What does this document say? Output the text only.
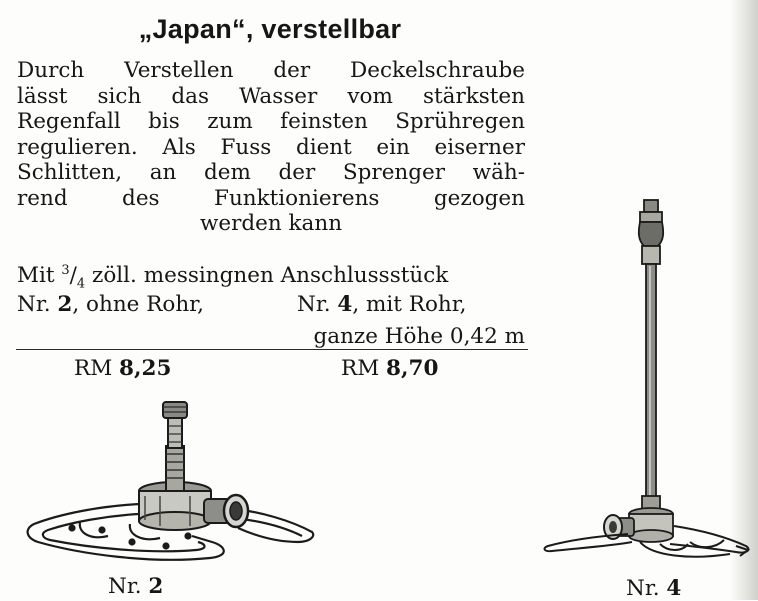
„Japan“, verstellbar
Durch Verstellen der Deckelschraube
lässt sich das Wasser vom stärksten
Regenfall bis zum feinsten Sprühregen
regulieren. Als Fuss dient ein eiserner
Schlitten, an dem der Sprenger wäh-
rend des Funktionierens gezogen
werden kann
Mit $^3/_4$ zöll. messingnen Anschlussstück
Nr. 2, ohne Rohr,	Nr. 4, mit Rohr,
ganze Höhe 0,42 m
RM 8,25	RM 8,70
Nr. 2	Nr. 4
